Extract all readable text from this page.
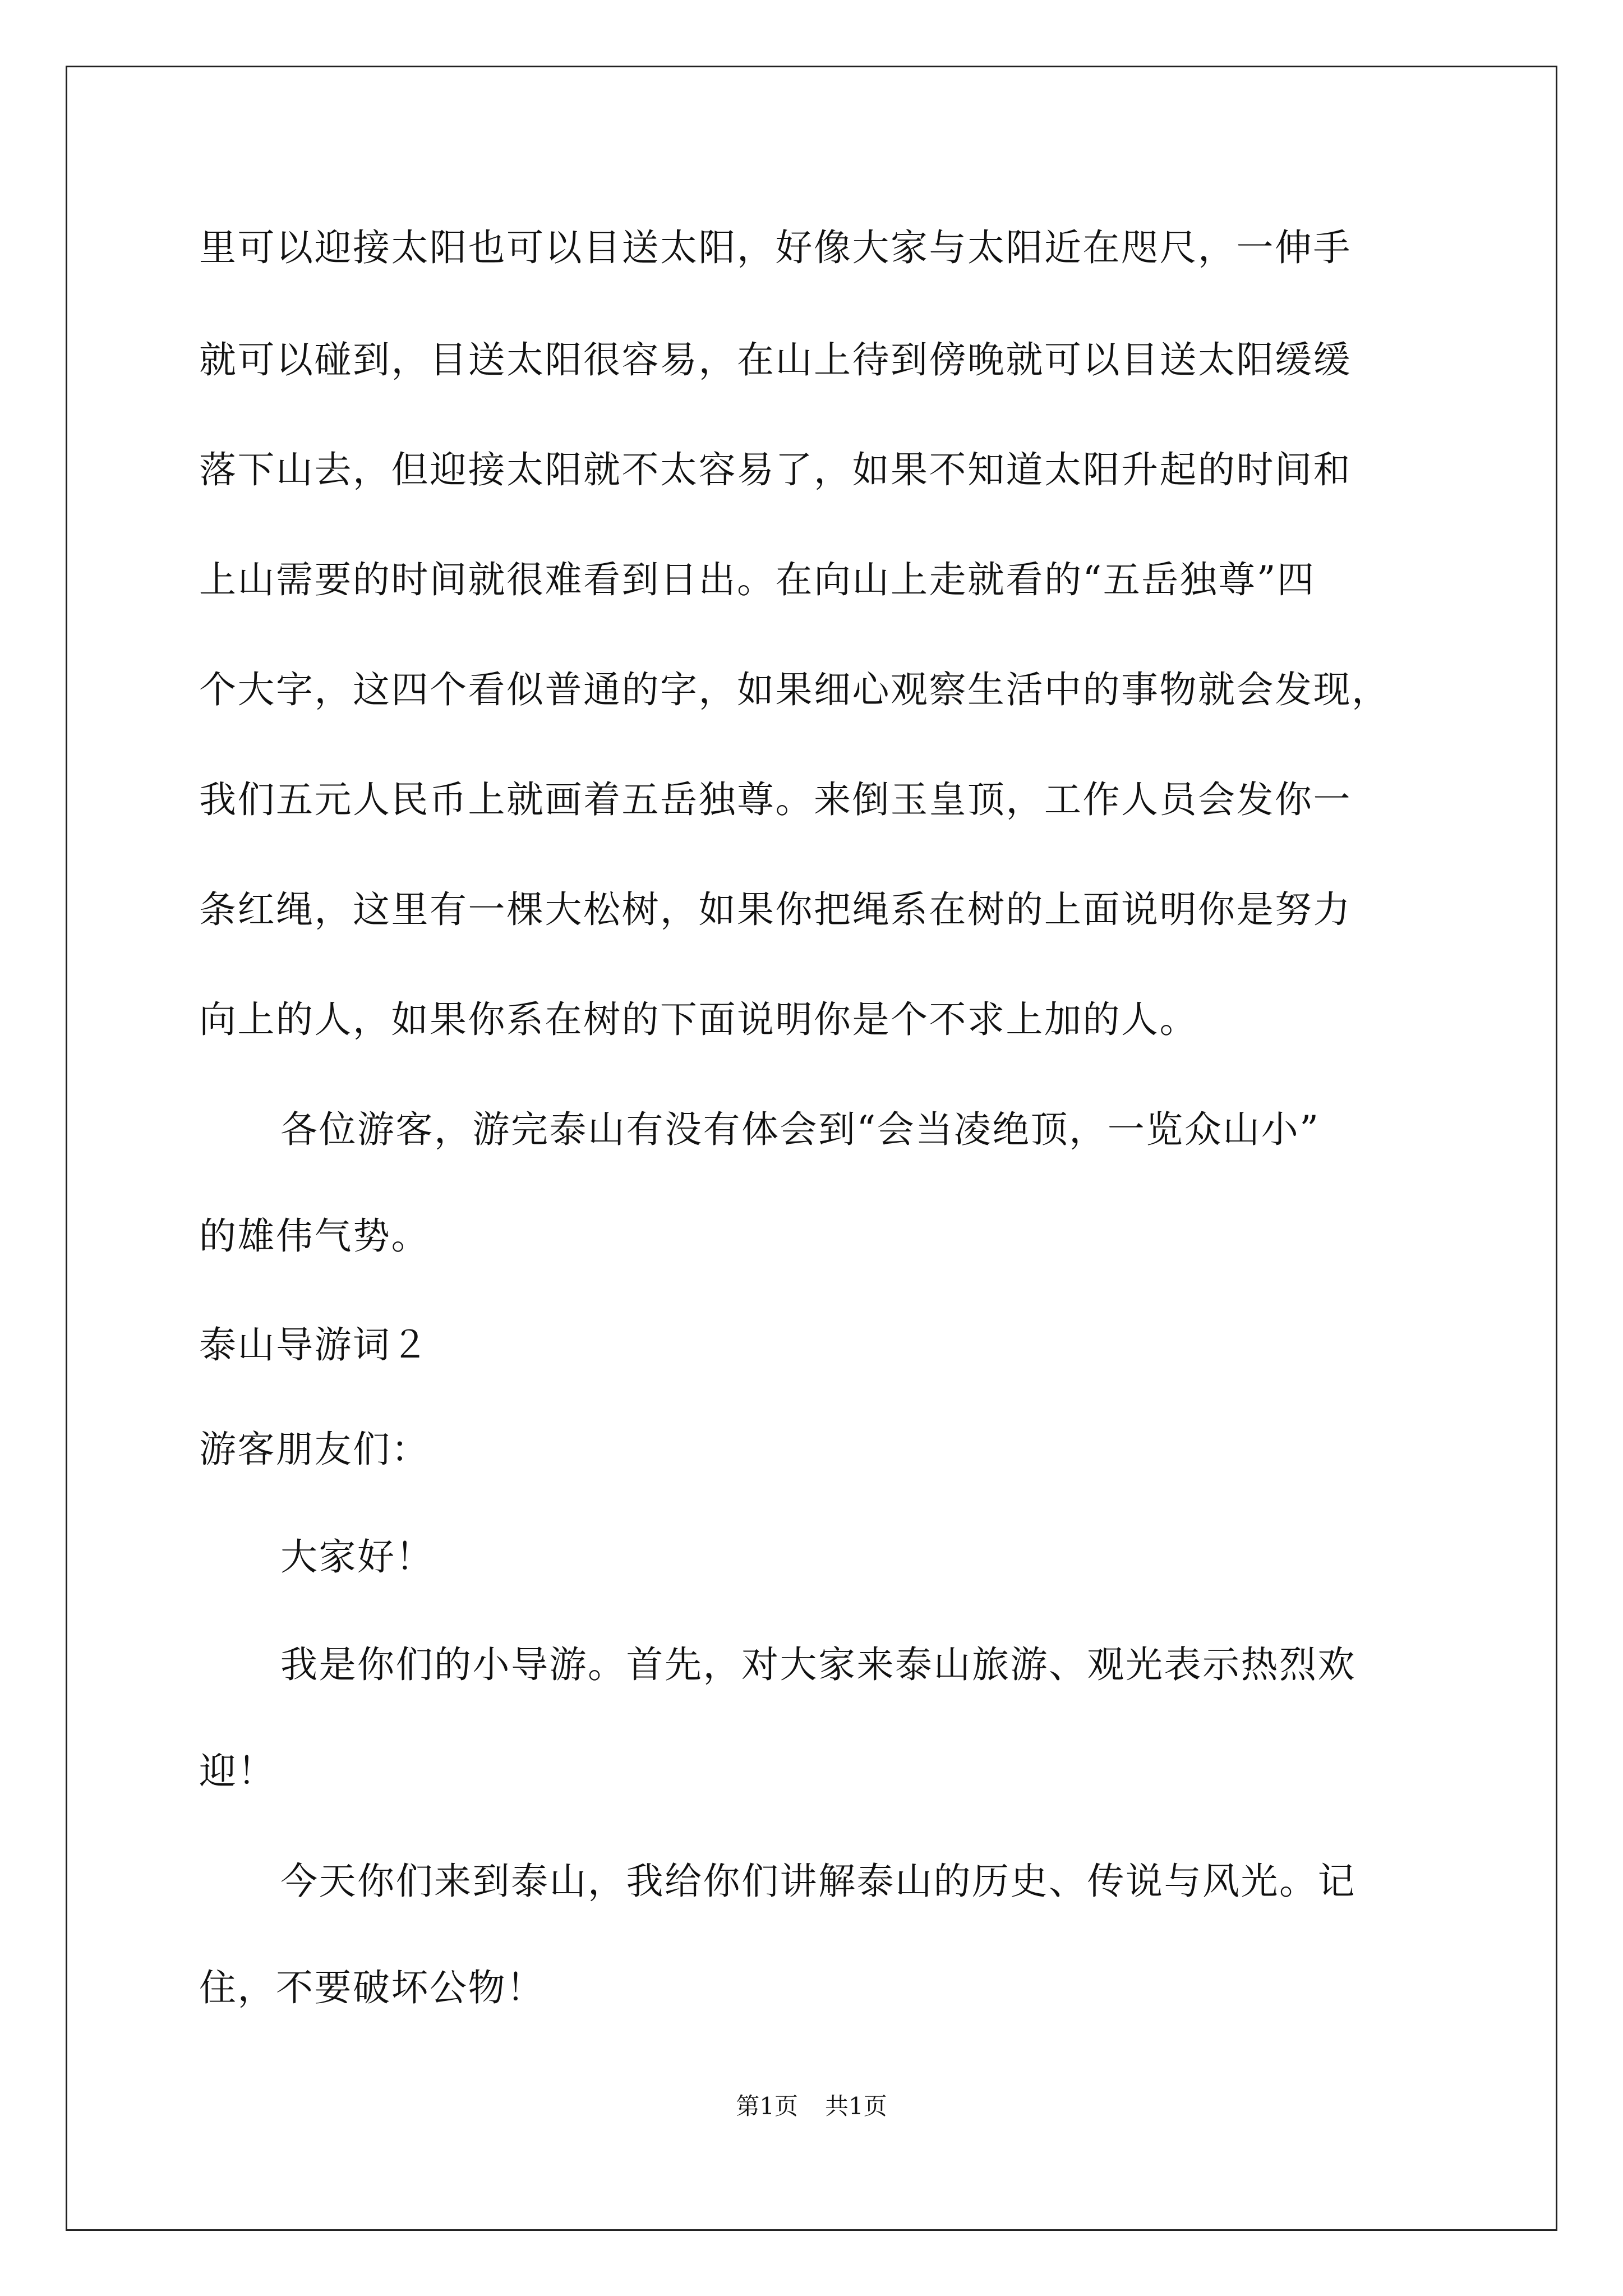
里可以迎接太阳也可以目送太阳，好像大家与太阳近在咫尺，一伸手
就可以碰到，目送太阳很容易，在山上待到傍晚就可以目送太阳缓缓
落下山去，但迎接太阳就不太容易了，如果不知道太阳升起的时间和
上山需要的时间就很难看到日出。在向山上走就看的“五岳独尊”四
个大字，这四个看似普通的字，如果细心观察生活中的事物就会发现，
我们五元人民币上就画着五岳独尊。来倒玉皇顶，工作人员会发你一
条红绳，这里有一棵大松树，如果你把绳系在树的上面说明你是努力
向上的人，如果你系在树的下面说明你是个不求上加的人。
各位游客，游完泰山有没有体会到“会当凌绝顶，一览众山小”
的雄伟气势。
泰山导游词２
游客朋友们：
大家好！
我是你们的小导游。首先，对大家来泰山旅游、观光表示热烈欢
迎！
今天你们来到泰山，我给你们讲解泰山的历史、传说与风光。记
住，不要破坏公物！
第1页 共1页
